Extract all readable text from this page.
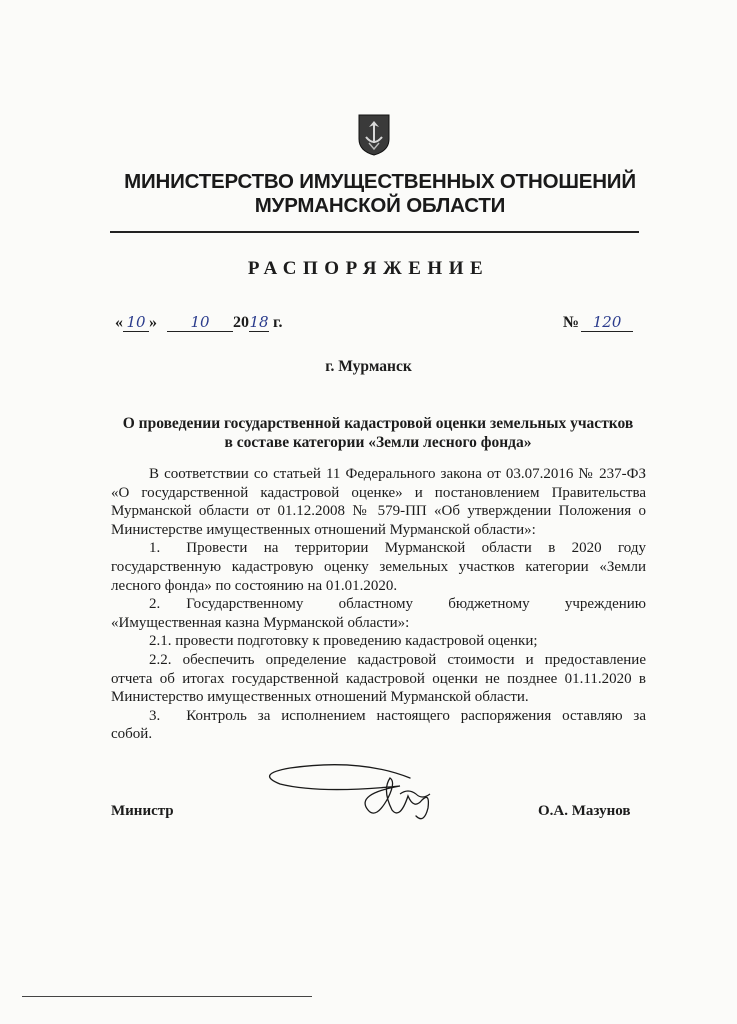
МИНИСТЕРСТВО ИМУЩЕСТВЕННЫХ ОТНОШЕНИЙ
МУРМАНСКОЙ ОБЛАСТИ
РАСПОРЯЖЕНИЕ
« 10 » 10 2018 г.	№ 120
г. Мурманск
О проведении государственной кадастровой оценки земельных участков
в составе категории «Земли лесного фонда»

В соответствии со статьей 11 Федерального закона от 03.07.2016 № 237-ФЗ «О государственной кадастровой оценке» и постановлением Правительства Мурманской области от 01.12.2008 № 579-ПП «Об утверждении Положения о Министерстве имущественных отношений Мурманской области»:

1. Провести на территории Мурманской области в 2020 году государственную кадастровую оценку земельных участков категории «Земли лесного фонда» по состоянию на 01.01.2020.

2. Государственному областному бюджетному учреждению «Имущественная казна Мурманской области»:

2.1. провести подготовку к проведению кадастровой оценки;

2.2. обеспечить определение кадастровой стоимости и предоставление отчета об итогах государственной кадастровой оценки не позднее 01.11.2020 в Министерство имущественных отношений Мурманской области.

3. Контроль за исполнением настоящего распоряжения оставляю за собой.

Министр	О.А. Мазунов
